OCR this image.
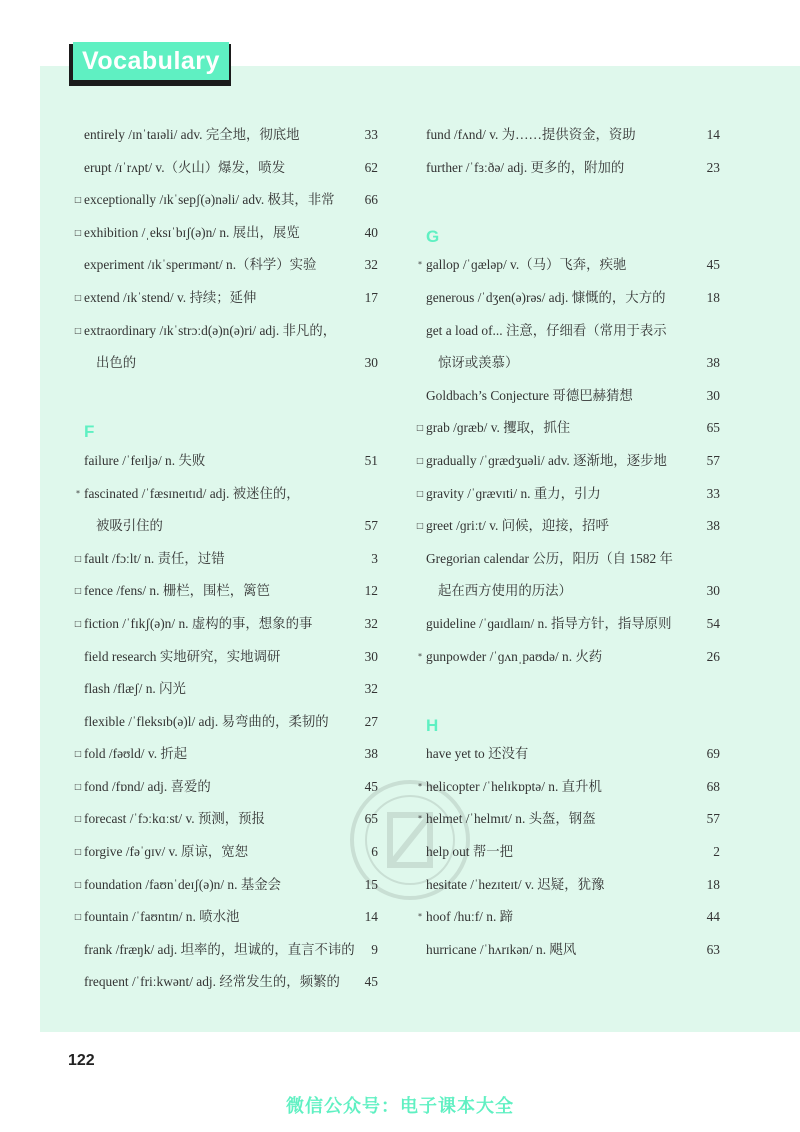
Vocabulary
entirely /ɪnˈtaɪəli/ adv. 完全地，彻底地	33
erupt /ɪˈrʌpt/ v.（火山）爆发，喷发	62
□ exceptionally /ɪkˈsepʃ(ə)nəli/ adv. 极其，非常 66
□ exhibition /ˌeksɪˈbɪʃ(ə)n/ n. 展出，展览	40
experiment /ɪkˈsperɪmənt/ n.（科学）实验	32
□ extend /ɪkˈstend/ v. 持续；延伸	17
□ extraordinary /ɪkˈstrɔːd(ə)n(ə)ri/ adj. 非凡的，
出色的	30
F
failure /ˈfeɪljə/ n. 失败	51
* fascinated /ˈfæsɪneɪtɪd/ adj. 被迷住的，
被吸引住的	57
□ fault /fɔːlt/ n. 责任，过错	3
□ fence /fens/ n. 栅栏，围栏，篱笆	12
□ fiction /ˈfɪkʃ(ə)n/ n. 虚构的事，想象的事	32
field research 实地研究，实地调研	30
flash /flæʃ/ n. 闪光	32
flexible /ˈfleksɪb(ə)l/ adj. 易弯曲的，柔韧的	27
□ fold /fəʊld/ v. 折起	38
□ fond /fɒnd/ adj. 喜爱的	45
□ forecast /ˈfɔːkɑːst/ v. 预测，预报	65
□ forgive /fəˈɡɪv/ v. 原谅，宽恕	6
□ foundation /faʊnˈdeɪʃ(ə)n/ n. 基金会	15
□ fountain /ˈfaʊntɪn/ n. 喷水池	14
frank /fræŋk/ adj. 坦率的，坦诚的，直言不讳的 9
frequent /ˈfriːkwənt/ adj. 经常发生的，频繁的 45
fund /fʌnd/ v. 为……提供资金，资助	14
further /ˈfɜːðə/ adj. 更多的，附加的	23
G
* gallop /ˈɡæləp/ v.（马）飞奔，疾驰	45
generous /ˈdʒen(ə)rəs/ adj. 慷慨的，大方的	18
get a load of... 注意，仔细看（常用于表示
惊讶或羡慕）	38
Goldbach’s Conjecture 哥德巴赫猜想	30
□ grab /ɡræb/ v. 攫取，抓住	65
□ gradually /ˈɡrædʒuəli/ adv. 逐渐地，逐步地	57
□ gravity /ˈɡrævɪti/ n. 重力，引力	33
□ greet /ɡriːt/ v. 问候，迎接，招呼	38
Gregorian calendar 公历，阳历（自 1582 年
起在西方使用的历法）	30
guideline /ˈɡaɪdlaɪn/ n. 指导方针，指导原则	54
* gunpowder /ˈɡʌnˌpaʊdə/ n. 火药	26
H
have yet to 还没有	69
* helicopter /ˈhelɪkɒptə/ n. 直升机	68
* helmet /ˈhelmɪt/ n. 头盔，钢盔	57
help out 帮一把	2
hesitate /ˈhezɪteɪt/ v. 迟疑，犹豫	18
* hoof /huːf/ n. 蹄	44
hurricane /ˈhʌrɪkən/ n. 飓风	63
122
微信公众号：电子课本大全
